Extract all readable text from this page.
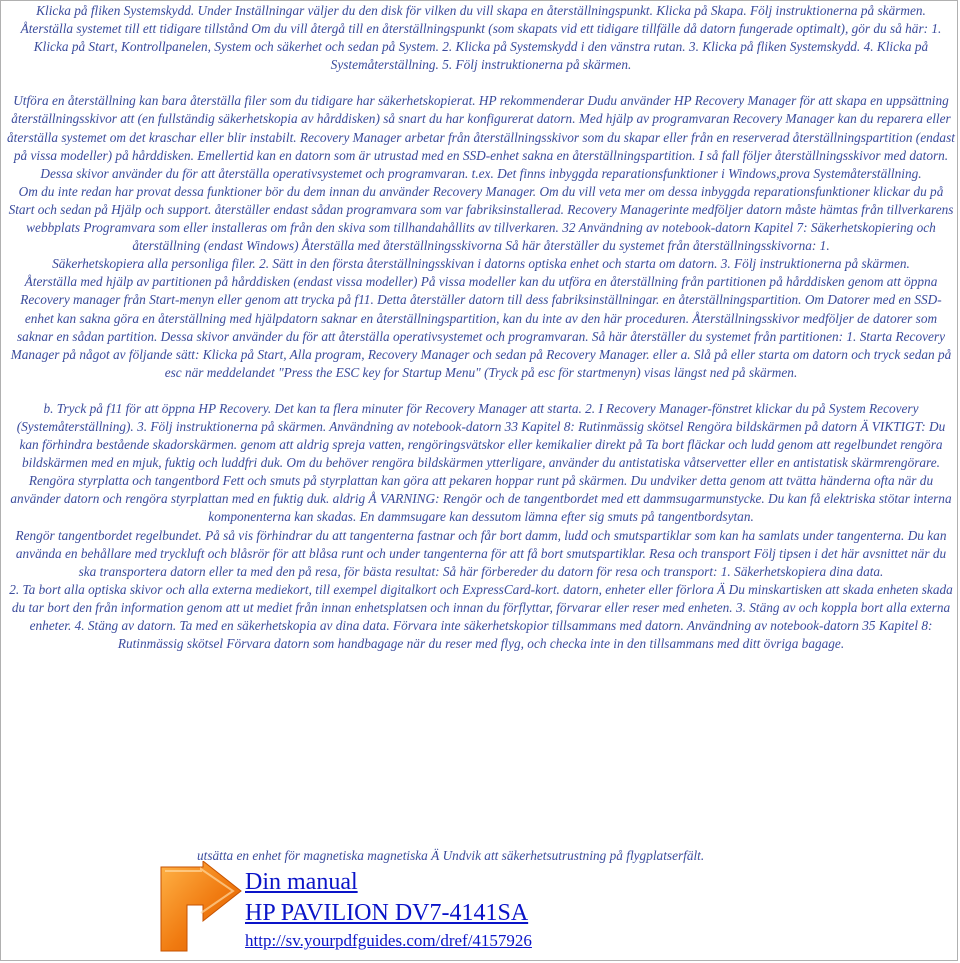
Klicka på fliken Systemskydd. Under Inställningar väljer du den disk för vilken du vill skapa en återställningspunkt. Klicka på Skapa. Följ instruktionerna på skärmen.

Återställa systemet till ett tidigare tillstånd Om du vill återgå till en återställningspunkt (som skapats vid ett tidigare tillfälle då datorn fungerade optimalt), gör du så här: 1. Klicka på Start, Kontrollpanelen, System och säkerhet och sedan på System. 2. Klicka på Systemskydd i den vänstra rutan. 3. Klicka på fliken Systemskydd. 4. Klicka på Systemåterställning. 5. Följ instruktionerna på skärmen.

Utföra en återställning kan bara återställa filer som du tidigare har säkerhetskopierat. HP rekommenderar Dudu använder HP Recovery Manager för att skapa en uppsättning återställningsskivor att (en fullständig säkerhetskopia av hårddisken) så snart du har konfigurerat datorn. Med hjälp av programvaran Recovery Manager kan du reparera eller återställa systemet om det kraschar eller blir instabilt. Recovery Manager arbetar från återställningsskivor som du skapar eller från en reserverad återställningspartition (endast på vissa modeller) på hårddisken. Emellertid kan en datorn som är utrustad med en SSD-enhet sakna en återställningspartition. I så fall följer återställningsskivor med datorn. Dessa skivor använder du för att återställa operativsystemet och programvaran. t.ex. Det finns inbyggda reparationsfunktioner i Windows,prova Systemåterställning.

Om du inte redan har provat dessa funktioner bör du dem innan du använder Recovery Manager. Om du vill veta mer om dessa inbyggda reparationsfunktioner klickar du på Start och sedan på Hjälp och support. återställer endast sådan programvara som var fabriksinstallerad. Recovery Managerinte medföljer datorn måste hämtas från tillverkarens webbplats Programvara som eller installeras om från den skiva som tillhandahållits av tillverkaren. 32 Användning av notebook-datorn Kapitel 7: Säkerhetskopiering och återställning (endast Windows) Återställa med återställningsskivorna Så här återställer du systemet från återställningsskivorna: 1.

Säkerhetskopiera alla personliga filer. 2. Sätt in den första återställningsskivan i datorns optiska enhet och starta om datorn. 3. Följ instruktionerna på skärmen.

Återställa med hjälp av partitionen på hårddisken (endast vissa modeller) På vissa modeller kan du utföra en återställning från partitionen på hårddisken genom att öppna Recovery manager från Start-menyn eller genom att trycka på f11. Detta återställer datorn till dess fabriksinställningar. en återställningspartition. Om Datorer med en SSD-enhet kan sakna göra en återställning med hjälpdatorn saknar en återställningspartition, kan du inte av den här proceduren. Återställningsskivor medföljer de datorer som saknar en sådan partition. Dessa skivor använder du för att återställa operativsystemet och programvaran. Så här återställer du systemet från partitionen: 1. Starta Recovery Manager på något av följande sätt: Klicka på Start, Alla program, Recovery Manager och sedan på Recovery Manager. eller a. Slå på eller starta om datorn och tryck sedan på esc när meddelandet "Press the ESC key for Startup Menu" (Tryck på esc för startmenyn) visas längst ned på skärmen.

b. Tryck på f11 för att öppna HP Recovery. Det kan ta flera minuter för Recovery Manager att starta. 2. I Recovery Manager-fönstret klickar du på System Recovery (Systemåterställning). 3. Följ instruktionerna på skärmen. Användning av notebook-datorn 33 Kapitel 8: Rutinmässig skötsel Rengöra bildskärmen på datorn Ä VIKTIGT: Du kan förhindra bestående skadorskärmen. genom att aldrig spreja vatten, rengöringsvätskor eller kemikalier direkt på Ta bort fläckar och ludd genom att regelbundet rengöra bildskärmen med en mjuk, fuktig och luddfri duk. Om du behöver rengöra bildskärmen ytterligare, använder du antistatiska våtservetter eller en antistatisk skärmrengörare.

Rengöra styrplatta och tangentbord Fett och smuts på styrplattan kan göra att pekaren hoppar runt på skärmen. Du undviker detta genom att tvätta händerna ofta när du använder datorn och rengöra styrplattan med en fuktig duk. aldrig Å VARNING: Rengör och de tangentbordet med ett dammsugarmunstycke. Du kan få elektriska stötar interna komponenterna kan skadas. En dammsugare kan dessutom lämna efter sig smuts på tangentbordsytan.

Rengör tangentbordet regelbundet. På så vis förhindrar du att tangenterna fastnar och får bort damm, ludd och smutspartiklar som kan ha samlats under tangenterna. Du kan använda en behållare med tryckluft och blåsrör för att blåsa runt och under tangenterna för att få bort smutspartiklar. Resa och transport Följ tipsen i det här avsnittet när du ska transportera datorn eller ta med den på resa, för bästa resultat: Så här förbereder du datorn för resa och transport: 1. Säkerhetskopiera dina data.

2. Ta bort alla optiska skivor och alla externa mediekort, till exempel digitalkort och ExpressCard-kort. datorn, enheter eller förlora Ä Du minskartisken att skada enheten skada du tar bort den från information genom att ut mediet från innan enhetsplatsen och innan du förflyttar, förvarar eller reser med enheten. 3. Stäng av och koppla bort alla externa enheter. 4. Stäng av datorn. Ta med en säkerhetskopia av dina data. Förvara inte säkerhetskopior tillsammans med datorn. Användning av notebook-datorn 35 Kapitel 8: Rutinmässig skötsel Förvara datorn som handbagage när du reser med flyg, och checka inte in den tillsammans med ditt övriga bagage.

utsätta en enhet för magnetiska magnetiska Ä Undvik att säkerhetsutrustning på flygplatserfält.
Din manual
HP PAVILION DV7-4141SA
http://sv.yourpdfguides.com/dref/4157926
